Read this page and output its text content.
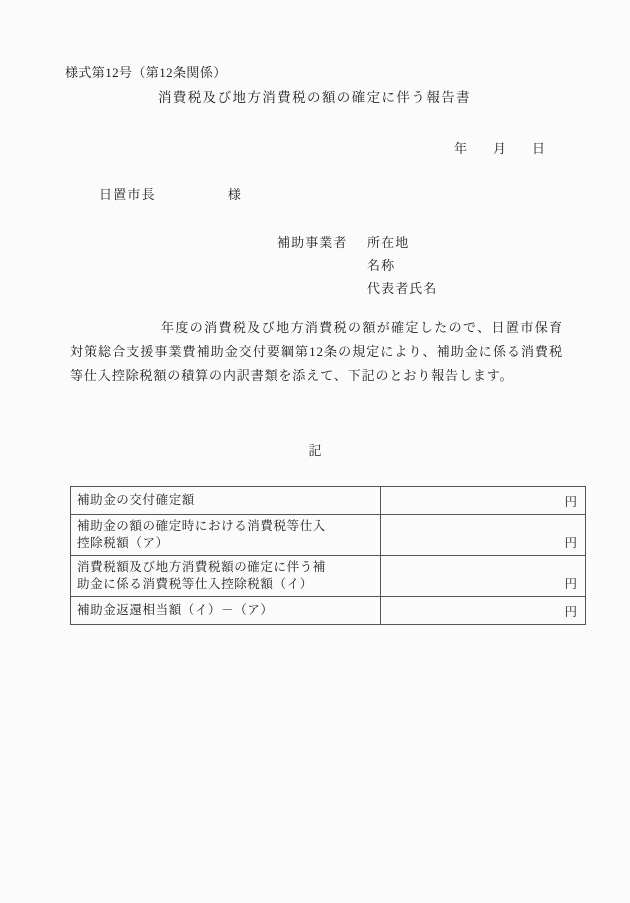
様式第12号（第12条関係）
消費税及び地方消費税の額の確定に伴う報告書
年 月 日
日置市長	様
補助事業者 所在地
名称
代表者氏名
年度の消費税及び地方消費税の額が確定したので、日置市保育対策総合支援事業費補助金交付要綱第12条の規定により、補助金に係る消費税等仕入控除税額の積算の内訳書類を添えて、下記のとおり報告します。
記
補助金の交付確定額	円

補助金の額の確定時における消費税等仕入
控除税額（ア）	円

消費税額及び地方消費税額の確定に伴う補
助金に係る消費税等仕入控除税額（イ）	円

補助金返還相当額（イ）－（ア）	円
